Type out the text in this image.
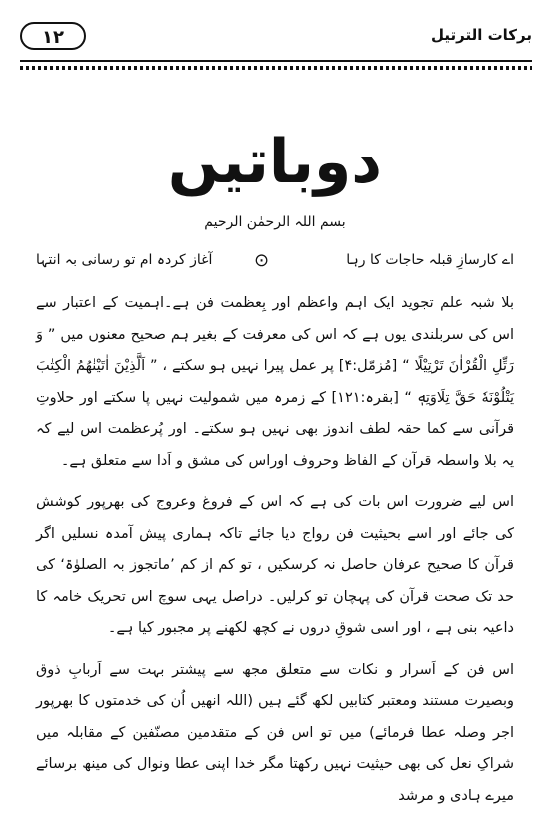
۱۲	برکات الترتیل
دوباتیں
بسم اللہ الرحمٰن الرحیم
اے کارسازِ قبلہ حاجات کا رہا
⊙
آغاز کردہ ام تو رسانی بہ انتہا

بلا شبہ علم تجوید ایک اہم واعظم اور بِعظمت فن ہے۔اہمیت کے اعتبار سے اس کی سربلندی یوں ہے کہ اس کی معرفت کے بغیر ہم صحیح معنوں میں ” وَ رَتِّلِ الْقُرْاٰنَ تَرْتِیْلًا “ [مُزمّل:۴] پر عمل پیرا نہیں ہو سکتے ، ” اَلَّذِیْنَ اٰتَیْنٰهُمُ الْكِتٰبَ یَتْلُوْنَهٗ حَقَّ تِلَاوَتِهٖ “ [بقرہ:۱۲۱] کے زمرہ میں شمولیت نہیں پا سکتے اور حلاوتِ قرآنی سے کما حقہ لطف اندوز بھی نہیں ہو سکتے۔ اور پُرعظمت اس لیے کہ یہ بلا واسطہ قرآن کے الفاظ وحروف اوراس کی مشق و اَدا سے متعلق ہے۔

اس لیے ضرورت اس بات کی ہے کہ اس کے فروغ وعروج کی بھرپور کوشش کی جائے اور اسے بحیثیت فن رواج دیا جائے تاکہ ہماری پیش آمدہ نسلیں اگر قرآن کا صحیح عرفان حاصل نہ کرسکیں ، تو کم از کم ’ماتجوز بہ الصلوٰۃ‘ کی حد تک صحت قرآن کی پہچان تو کرلیں۔ دراصل یہی سوچ اس تحریک خامہ کا داعیہ بنی ہے ، اور اسی شوقِ دروں نے کچھ لکھنے پر مجبور کیا ہے۔

اس فن کے اَسرار و نکات سے متعلق مجھ سے پیشتر بہت سے اَربابِ ذوق وبصیرت مستند ومعتبر کتابیں لکھ گئے ہیں (اللہ انھیں اُن کی خدمتوں کا بھرپور اجر وصلہ عطا فرمائے) میں تو اس فن کے متقدمین مصنّفین کے مقابلہ میں شراکِ نعل کی بھی حیثیت نہیں رکھتا مگر خدا اپنی عطا ونوال کی مینھ برسائے میرے ہادی و مرشد
